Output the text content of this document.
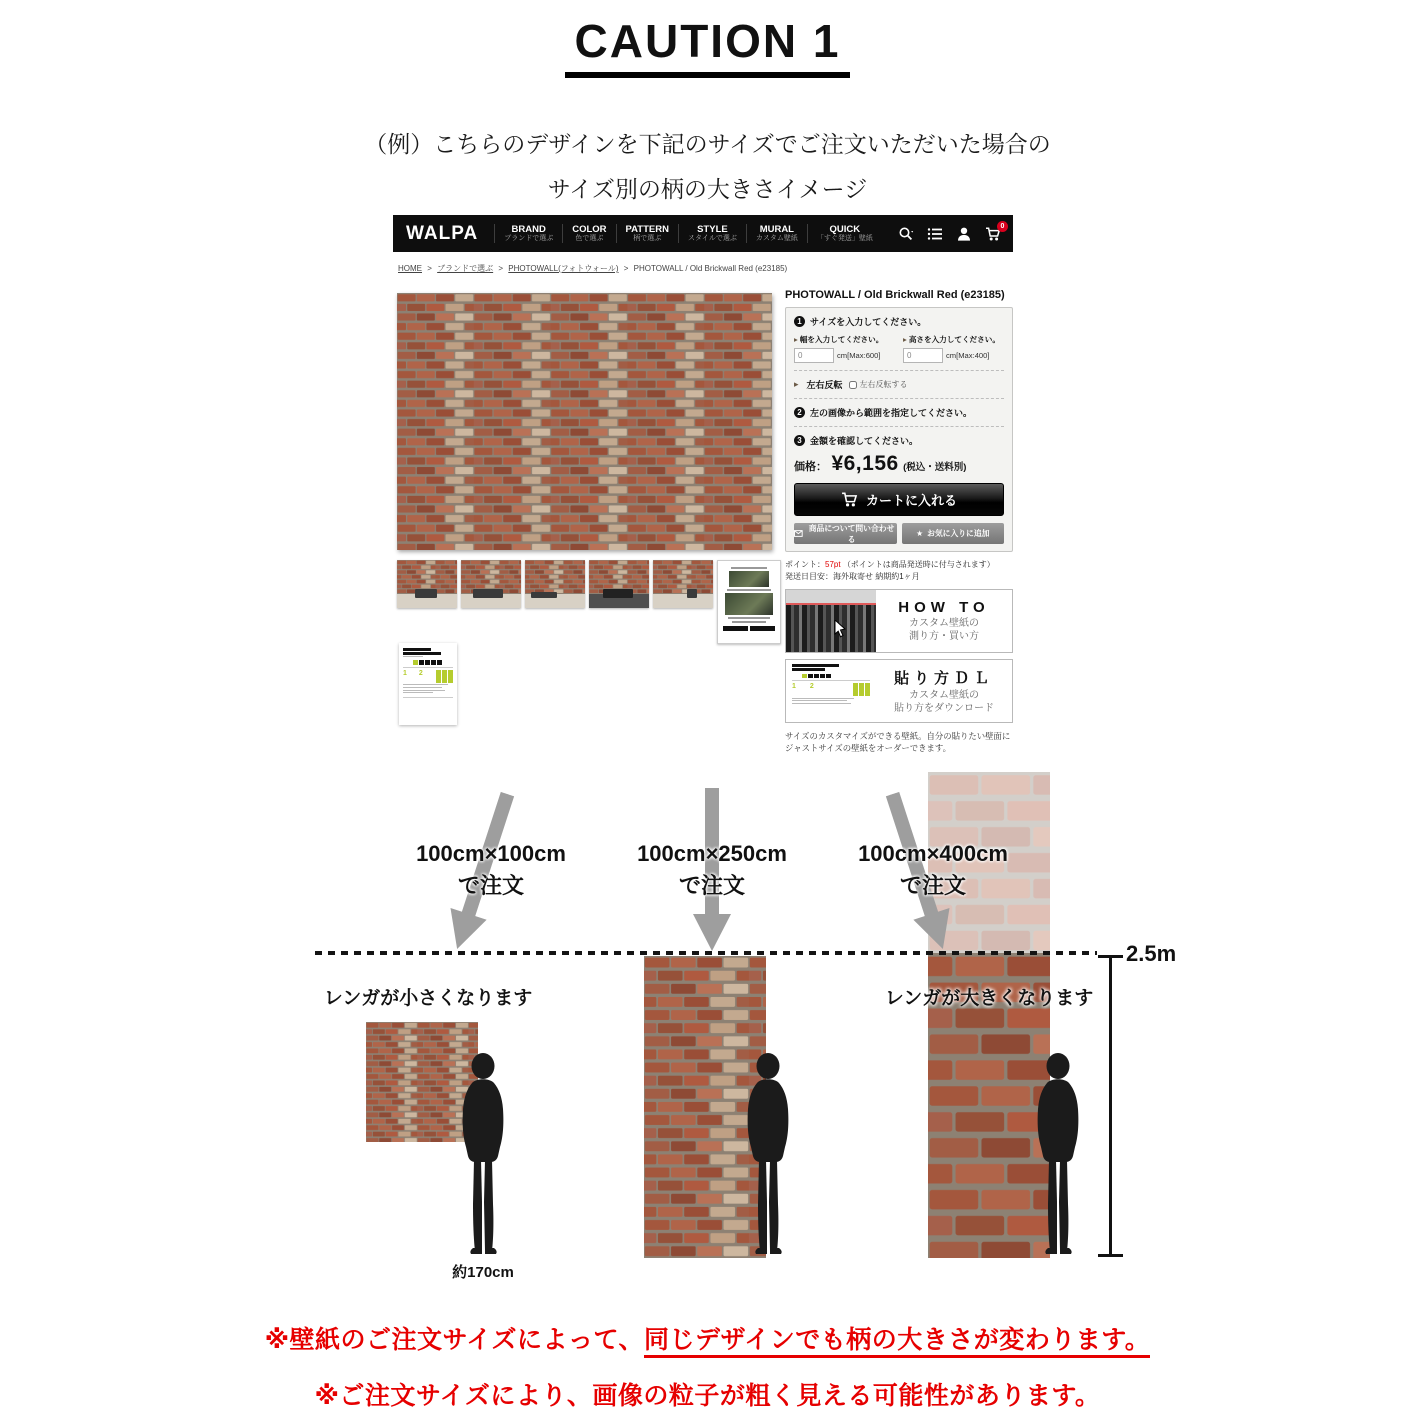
CAUTION 1
（例）こちらのデザインを下記のサイズでご注文いただいた場合の
サイズ別の柄の大きさイメージ
WALPA	BRAND
ブランドで選ぶ
COLOR
色で選ぶ
PATTERN
柄で選ぶ
STYLE
スタイルで選ぶ
MURAL
カスタム壁紙
QUICK
「すぐ発送」壁紙
0
HOME > ブランドで選ぶ > PHOTOWALL(フォトウォール) > PHOTOWALL / Old Brickwall Red (e23185)
PHOTOWALL / Old Brickwall Red (e23185)
1 サイズを入力してください。
▸ 幅を入力してください。
0
cm[Max:600]
▸ 高さを入力してください。
0
cm[Max:400]
▸ 左右反転 左右反転する
2 左の画像から範囲を指定してください。
3 金額を確認してください。
価格： ¥6,156 (税込・送料別)
カートに入れる
商品について問い合わせる
★ お気に入りに追加
ポイント：57pt （ポイントは商品発送時に付与されます）
発送日目安：海外取寄せ 納期約1ヶ月
HOW TO
カスタム壁紙の
測り方・買い方
1 2	貼り方ＤＬ
カスタム壁紙の
貼り方をダウンロード
サイズのカスタマイズができる壁紙。自分の貼りたい壁面にジャストサイズの壁紙をオーダーできます。
1 2
100cm×100cm
で注文
100cm×250cm
で注文
100cm×400cm
で注文
レンガが小さくなります	レンガが大きくなります
2.5m
約170cm
※壁紙のご注文サイズによって、同じデザインでも柄の大きさが変わります。
※ご注文サイズにより、画像の粒子が粗く見える可能性があります。
